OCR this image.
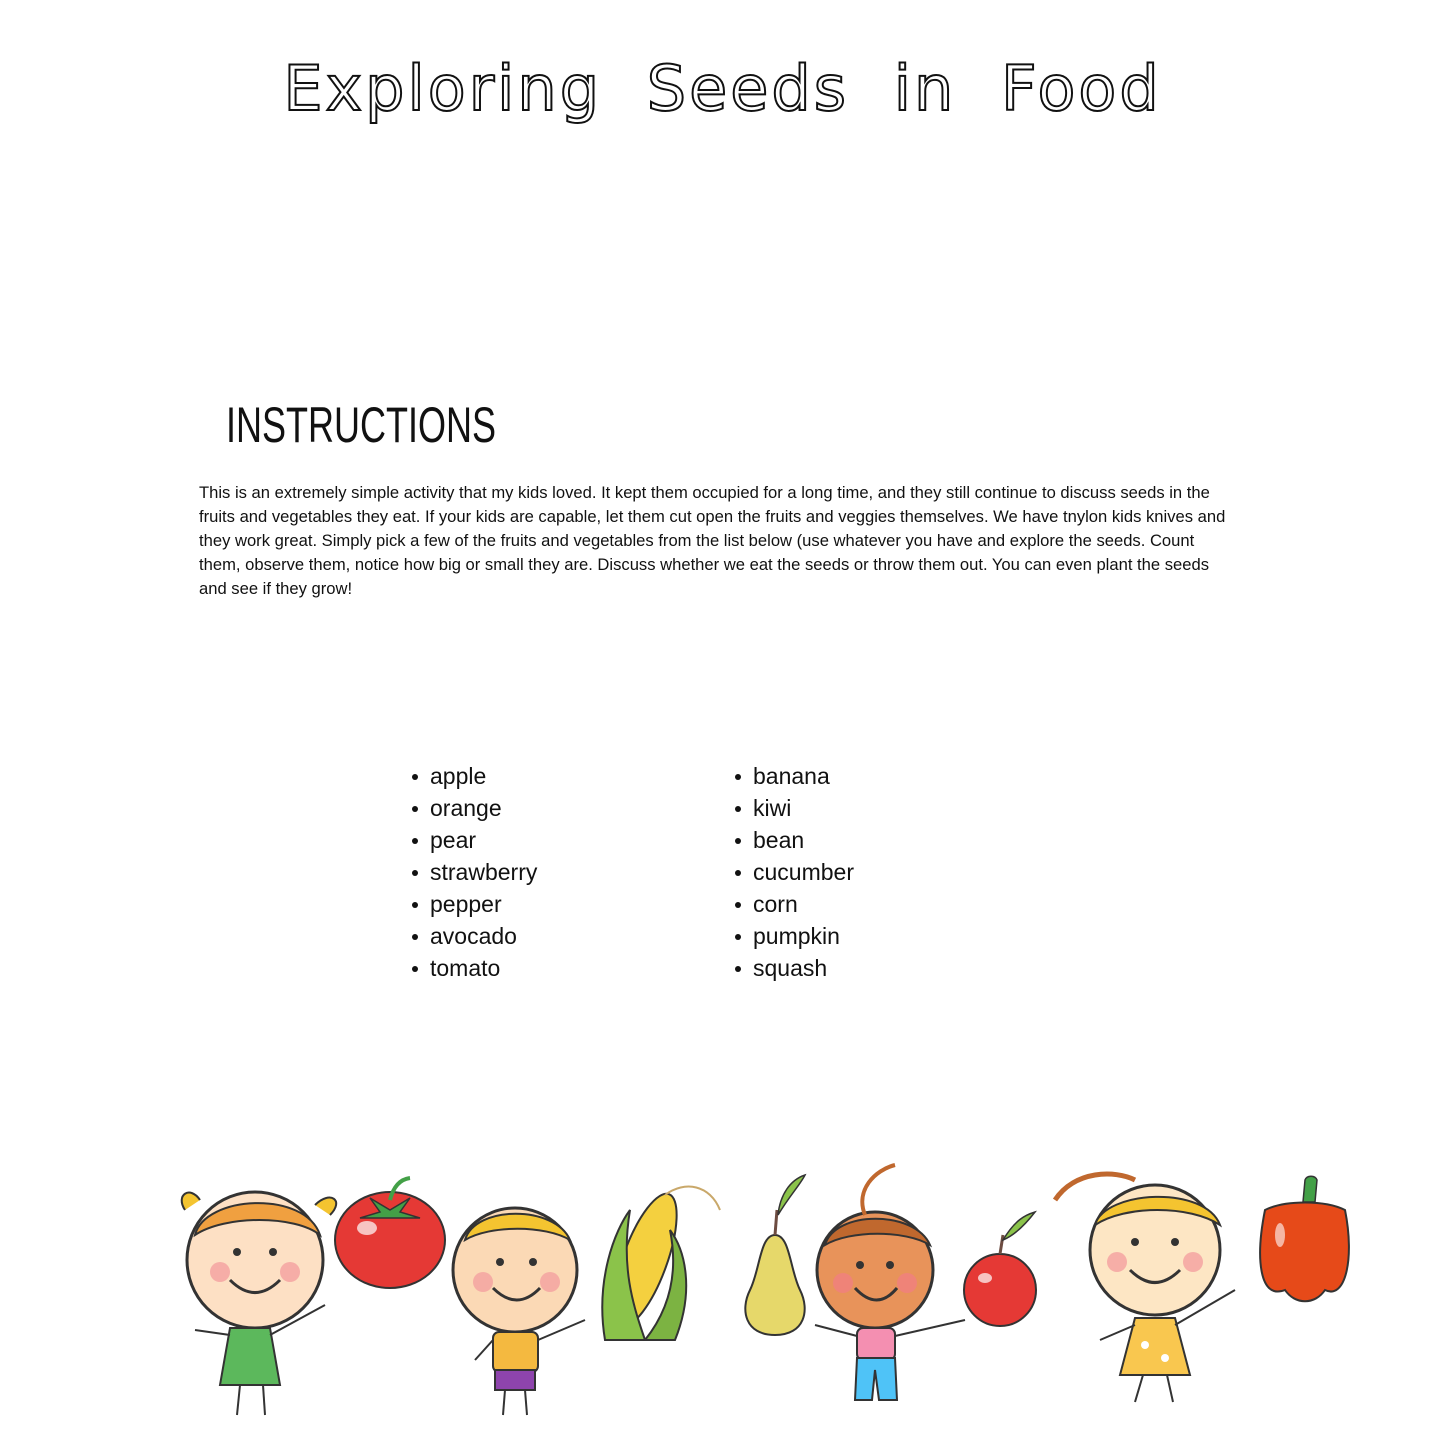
Exploring Seeds in Food
INSTRUCTIONS

This is an extremely simple activity that my kids loved. It kept them occupied for a long time, and they still continue to discuss seeds in the fruits and vegetables they eat. If your kids are capable, let them cut open the fruits and veggies themselves. We have tnylon kids knives and they work great. Simply pick a few of the fruits and vegetables from the list below (use whatever you have and explore the seeds. Count them, observe them, notice how big or small they are. Discuss whether we eat the seeds or throw them out. You can even plant the seeds and see if they grow!

apple
orange
pear
strawberry
pepper
avocado
tomato
banana
kiwi
bean
cucumber
corn
pumpkin
squash
